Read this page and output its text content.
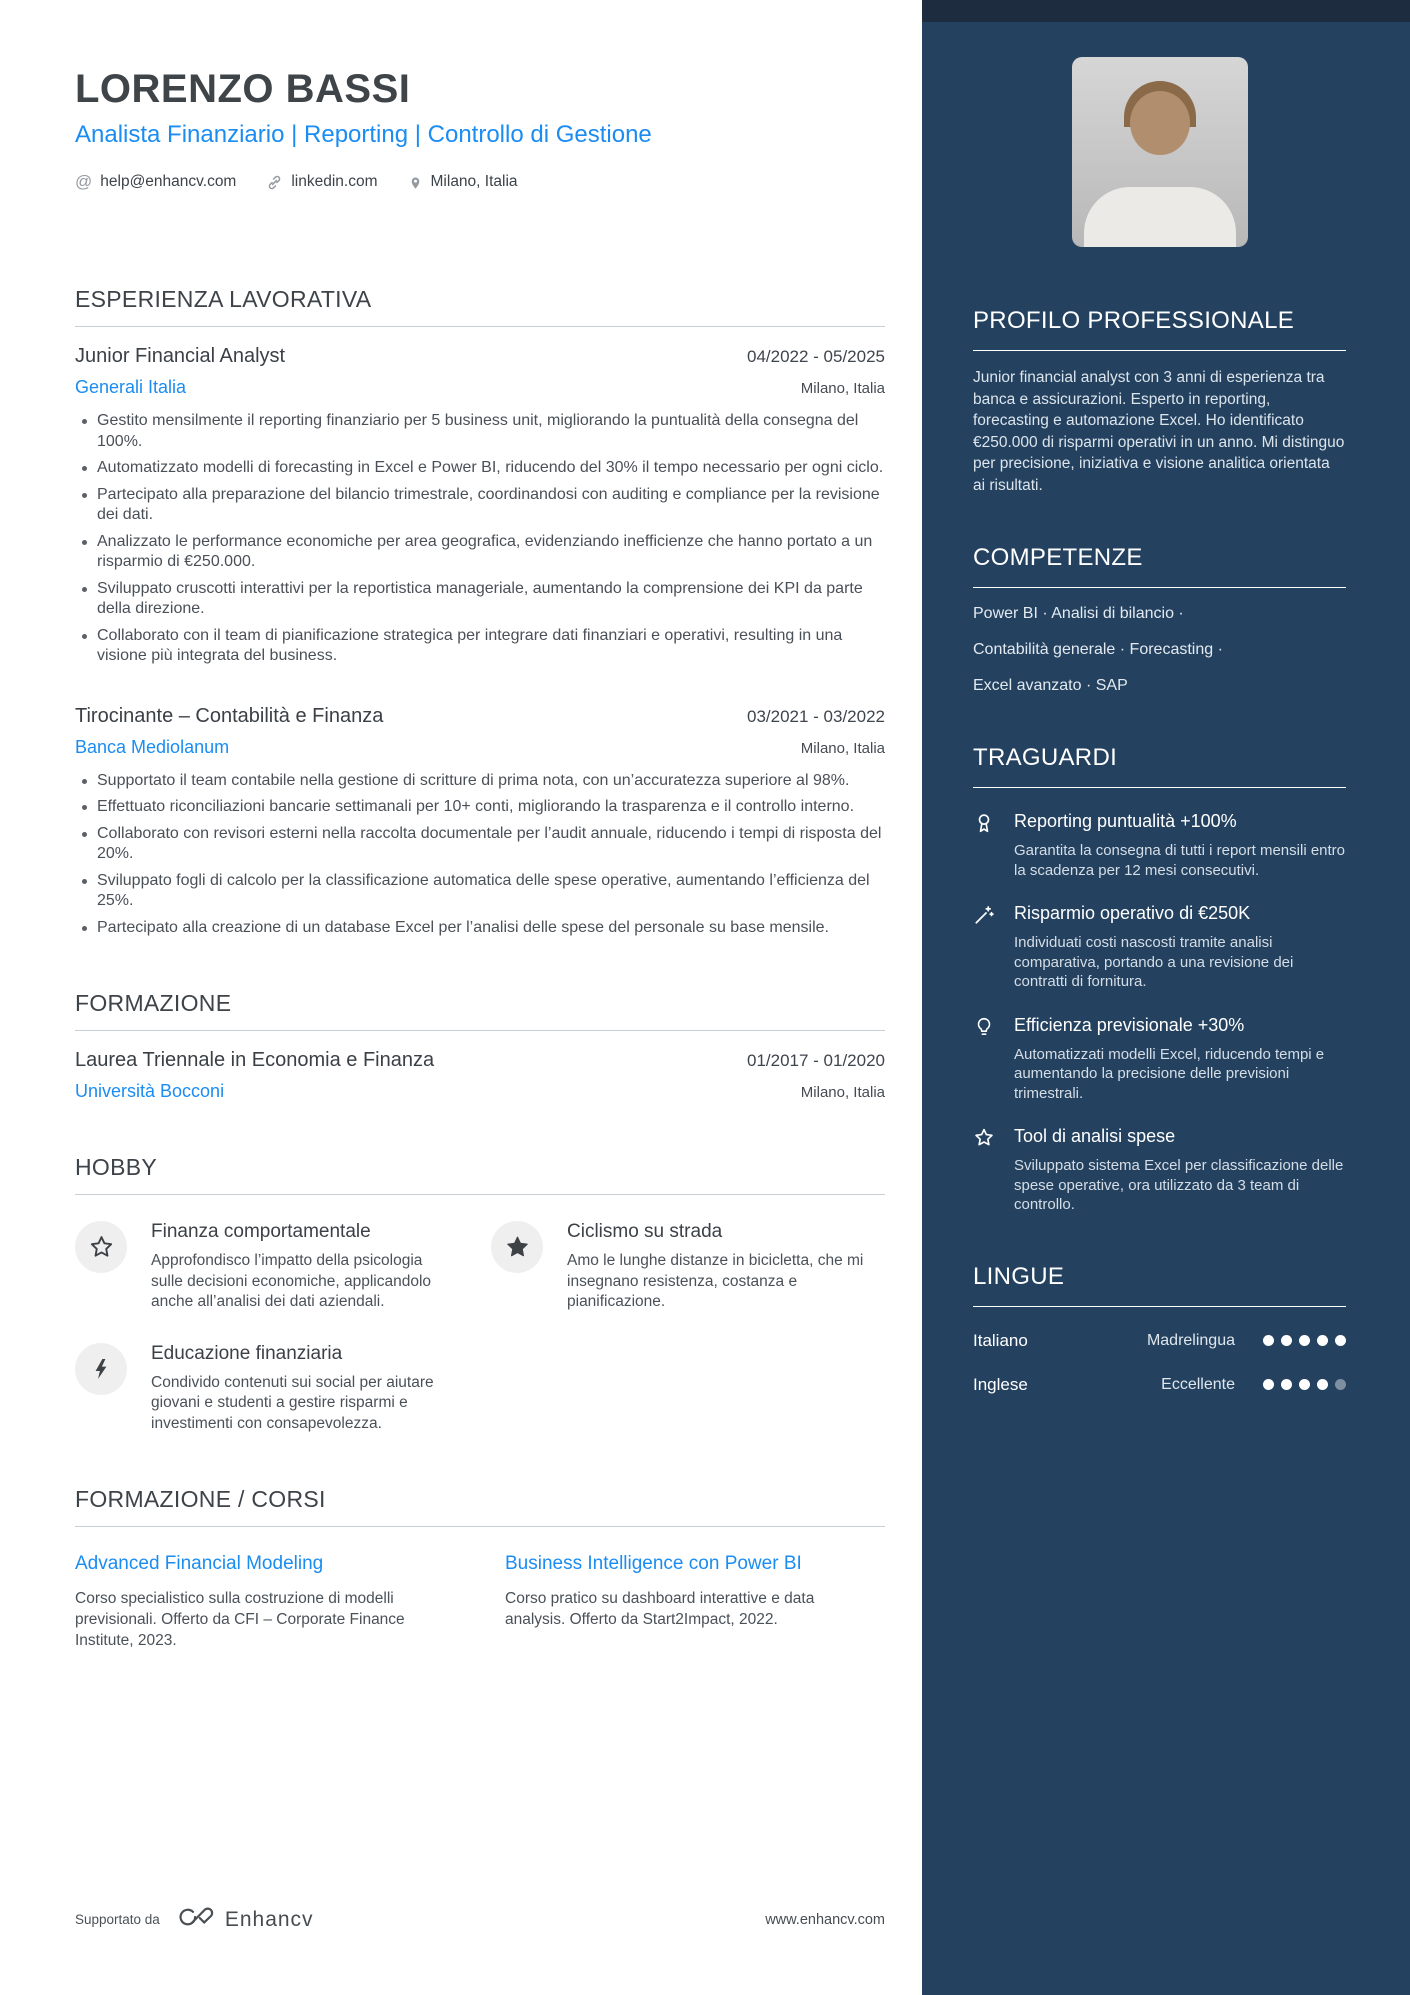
LORENZO BASSI
Analista Finanziario | Reporting | Controllo di Gestione
@ help@enhancv.com	linkedin.com	Milano, Italia
ESPERIENZA LAVORATIVA
Junior Financial Analyst	04/2022 - 05/2025
Generali Italia	Milano, Italia
Gestito mensilmente il reporting finanziario per 5 business unit, migliorando la puntualità della consegna del 100%.
Automatizzato modelli di forecasting in Excel e Power BI, riducendo del 30% il tempo necessario per ogni ciclo.
Partecipato alla preparazione del bilancio trimestrale, coordinandosi con auditing e compliance per la revisione dei dati.
Analizzato le performance economiche per area geografica, evidenziando inefficienze che hanno portato a un risparmio di €250.000.
Sviluppato cruscotti interattivi per la reportistica manageriale, aumentando la comprensione dei KPI da parte della direzione.
Collaborato con il team di pianificazione strategica per integrare dati finanziari e operativi, resulting in una visione più integrata del business.
Tirocinante – Contabilità e Finanza	03/2021 - 03/2022
Banca Mediolanum	Milano, Italia
Supportato il team contabile nella gestione di scritture di prima nota, con un’accuratezza superiore al 98%.
Effettuato riconciliazioni bancarie settimanali per 10+ conti, migliorando la trasparenza e il controllo interno.
Collaborato con revisori esterni nella raccolta documentale per l’audit annuale, riducendo i tempi di risposta del 20%.
Sviluppato fogli di calcolo per la classificazione automatica delle spese operative, aumentando l’efficienza del 25%.
Partecipato alla creazione di un database Excel per l’analisi delle spese del personale su base mensile.
FORMAZIONE
Laurea Triennale in Economia e Finanza	01/2017 - 01/2020
Università Bocconi	Milano, Italia
HOBBY
Finanza comportamentale
Approfondisco l’impatto della psicologia sulle decisioni economiche, applicandolo anche all’analisi dei dati aziendali.
Ciclismo su strada
Amo le lunghe distanze in bicicletta, che mi insegnano resistenza, costanza e pianificazione.
Educazione finanziaria
Condivido contenuti sui social per aiutare giovani e studenti a gestire risparmi e investimenti con consapevolezza.
FORMAZIONE / CORSI
Advanced Financial Modeling
Corso specialistico sulla costruzione di modelli previsionali. Offerto da CFI – Corporate Finance Institute, 2023.
Business Intelligence con Power BI
Corso pratico su dashboard interattive e data analysis. Offerto da Start2Impact, 2022.
Supportato da	Enhancv	www.enhancv.com
PROFILO PROFESSIONALE
Junior financial analyst con 3 anni di esperienza tra banca e assicurazioni. Esperto in reporting, forecasting e automazione Excel. Ho identificato €250.000 di risparmi operativi in un anno. Mi distinguo per precisione, iniziativa e visione analitica orientata ai risultati.
COMPETENZE
Power BI · Analisi di bilancio ·
Contabilità generale · Forecasting ·
Excel avanzato · SAP
TRAGUARDI
Reporting puntualità +100%
Garantita la consegna di tutti i report mensili entro la scadenza per 12 mesi consecutivi.
Risparmio operativo di €250K
Individuati costi nascosti tramite analisi comparativa, portando a una revisione dei contratti di fornitura.
Efficienza previsionale +30%
Automatizzati modelli Excel, riducendo tempi e aumentando la precisione delle previsioni trimestrali.
Tool di analisi spese
Sviluppato sistema Excel per classificazione delle spese operative, ora utilizzato da 3 team di controllo.
LINGUE
Italiano	Madrelingua
Inglese	Eccellente
